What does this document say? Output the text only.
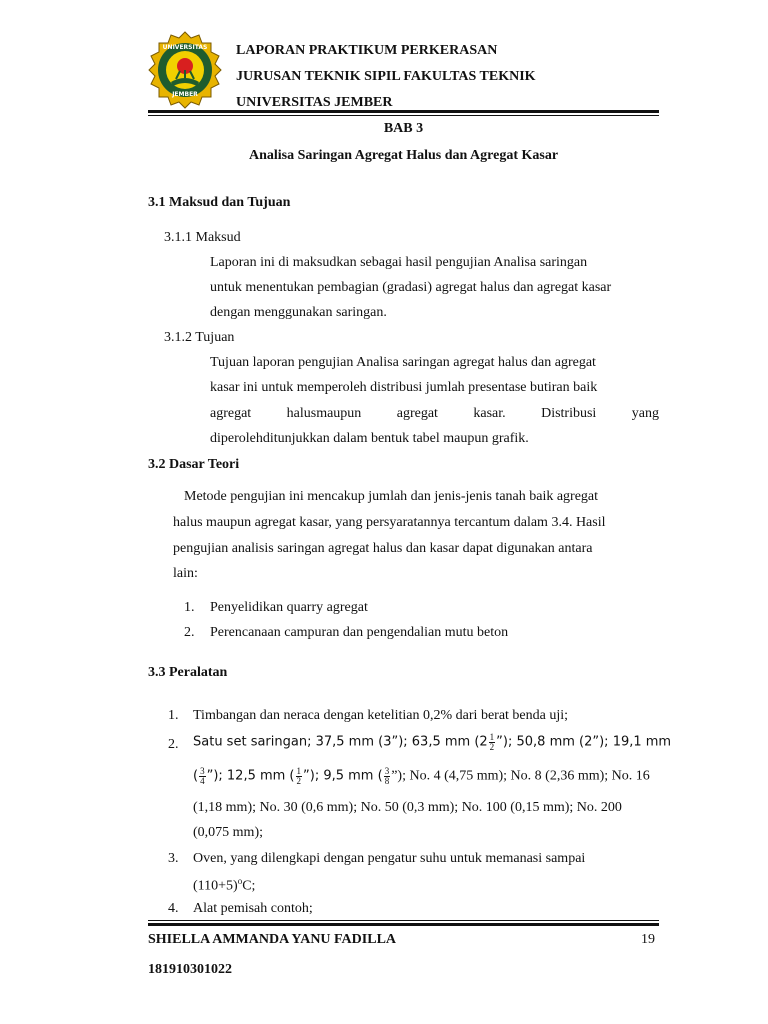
UNIVERSITAS
JEMBER
LAPORAN PRAKTIKUM PERKERASAN
JURUSAN TEKNIK SIPIL FAKULTAS TEKNIK
UNIVERSITAS JEMBER
BAB 3
Analisa Saringan Agregat Halus dan Agregat Kasar
3.1 Maksud dan Tujuan
3.1.1 Maksud
Laporan ini di maksudkan sebagai hasil pengujian Analisa saringan
untuk menentukan pembagian (gradasi) agregat halus dan agregat kasar
dengan menggunakan saringan.
3.1.2 Tujuan
Tujuan laporan pengujian Analisa saringan agregat halus dan agregat
kasar ini untuk memperoleh distribusi jumlah presentase butiran baik
agregat	halusmaupun	agregat	kasar.	Distribusi	yang
diperolehditunjukkan dalam bentuk tabel maupun grafik.
3.2 Dasar Teori
Metode pengujian ini mencakup jumlah dan jenis-jenis tanah baik agregat
halus maupun agregat kasar, yang persyaratannya tercantum dalam 3.4. Hasil
pengujian analisis saringan agregat halus dan kasar dapat digunakan antara
lain:
1. Penyelidikan quarry agregat
2. Perencanaan campuran dan pengendalian mutu beton
3.3 Peralatan
1. Timbangan dan neraca dengan ketelitian 0,2% dari berat benda uji;
2. Satu set saringan; 37,5 mm (3”); 63,5 mm ($2 \frac{1}{2}$ ”); 50,8 mm (2”); 19,1 mm
( $\frac{3}{4}$ ”); 12,5 mm ( $\frac{1}{2}$ ”); 9,5 mm ( $\frac{3}{8}$ ”); No. 4 (4,75 mm); No. 8 (2,36 mm); No. 16
(1,18 mm); No. 30 (0,6 mm); No. 50 (0,3 mm); No. 100 (0,15 mm); No. 200
(0,075 mm);
3. Oven, yang dilengkapi dengan pengatur suhu untuk memanasi sampai
$(110+5)^oC$;
4. Alat pemisah contoh;
SHIELLA AMMANDA YANU FADILLA	19
181910301022
